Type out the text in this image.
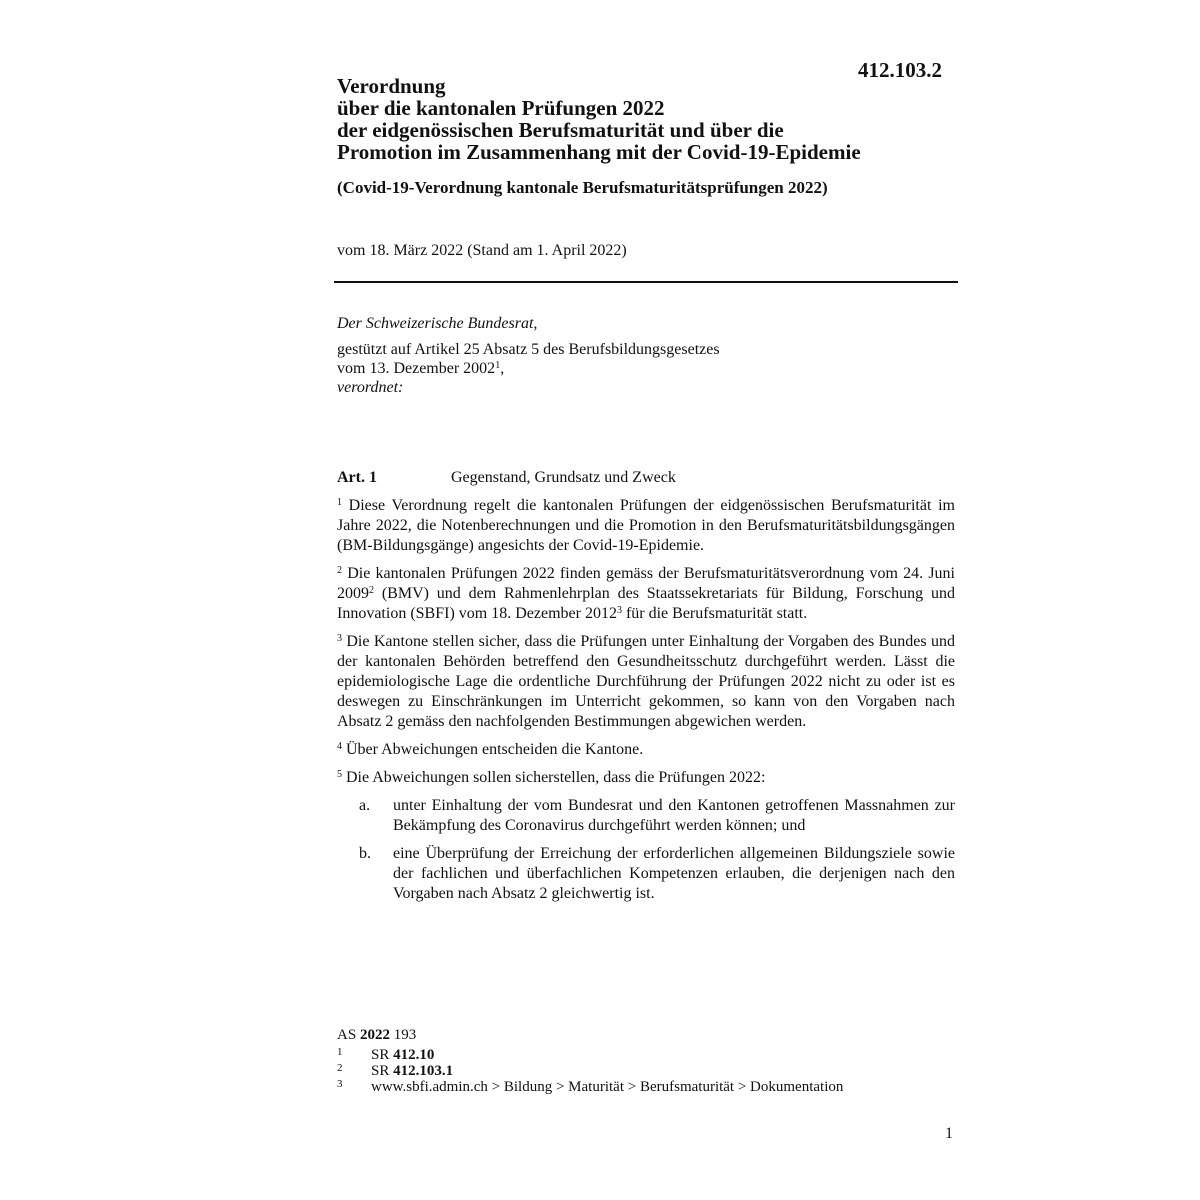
412.103.2
Verordnung
über die kantonalen Prüfungen 2022
der eidgenössischen Berufsmaturität und über die
Promotion im Zusammenhang mit der Covid-19-Epidemie
(Covid-19-Verordnung kantonale Berufsmaturitätsprüfungen 2022)
vom 18. März 2022 (Stand am 1. April 2022)
Der Schweizerische Bundesrat,
gestützt auf Artikel 25 Absatz 5 des Berufsbildungsgesetzes
vom 13. Dezember 2002$^1$,
verordnet:
Art. 1	Gegenstand, Grundsatz und Zweck

$^1$ Diese Verordnung regelt die kantonalen Prüfungen der eidgenössischen Berufsmaturität im Jahre 2022, die Notenberechnungen und die Promotion in den Berufsmaturitätsbildungsgängen (BM-Bildungsgänge) angesichts der Covid-19-Epidemie.

$^2$ Die kantonalen Prüfungen 2022 finden gemäss der Berufsmaturitätsverordnung vom 24. Juni 2009$^2$ (BMV) und dem Rahmenlehrplan des Staatssekretariats für Bildung, Forschung und Innovation (SBFI) vom 18. Dezember 2012$^3$ für die Berufsmaturität statt.

$^3$ Die Kantone stellen sicher, dass die Prüfungen unter Einhaltung der Vorgaben des Bundes und der kantonalen Behörden betreffend den Gesundheitsschutz durchgeführt werden. Lässt die epidemiologische Lage die ordentliche Durchführung der Prüfungen 2022 nicht zu oder ist es deswegen zu Einschränkungen im Unterricht gekommen, so kann von den Vorgaben nach Absatz 2 gemäss den nachfolgenden Bestimmungen abgewichen werden.

$^4$ Über Abweichungen entscheiden die Kantone.

$^5$ Die Abweichungen sollen sicherstellen, dass die Prüfungen 2022:

a. unter Einhaltung der vom Bundesrat und den Kantonen getroffenen Massnahmen zur Bekämpfung des Coronavirus durchgeführt werden können; und
b. eine Überprüfung der Erreichung der erforderlichen allgemeinen Bildungsziele sowie der fachlichen und überfachlichen Kompetenzen erlauben, die derjenigen nach den Vorgaben nach Absatz 2 gleichwertig ist.
AS 2022 193
1 SR 412.10
2 SR 412.103.1
3 www.sbfi.admin.ch > Bildung > Maturität > Berufsmaturität > Dokumentation
1
